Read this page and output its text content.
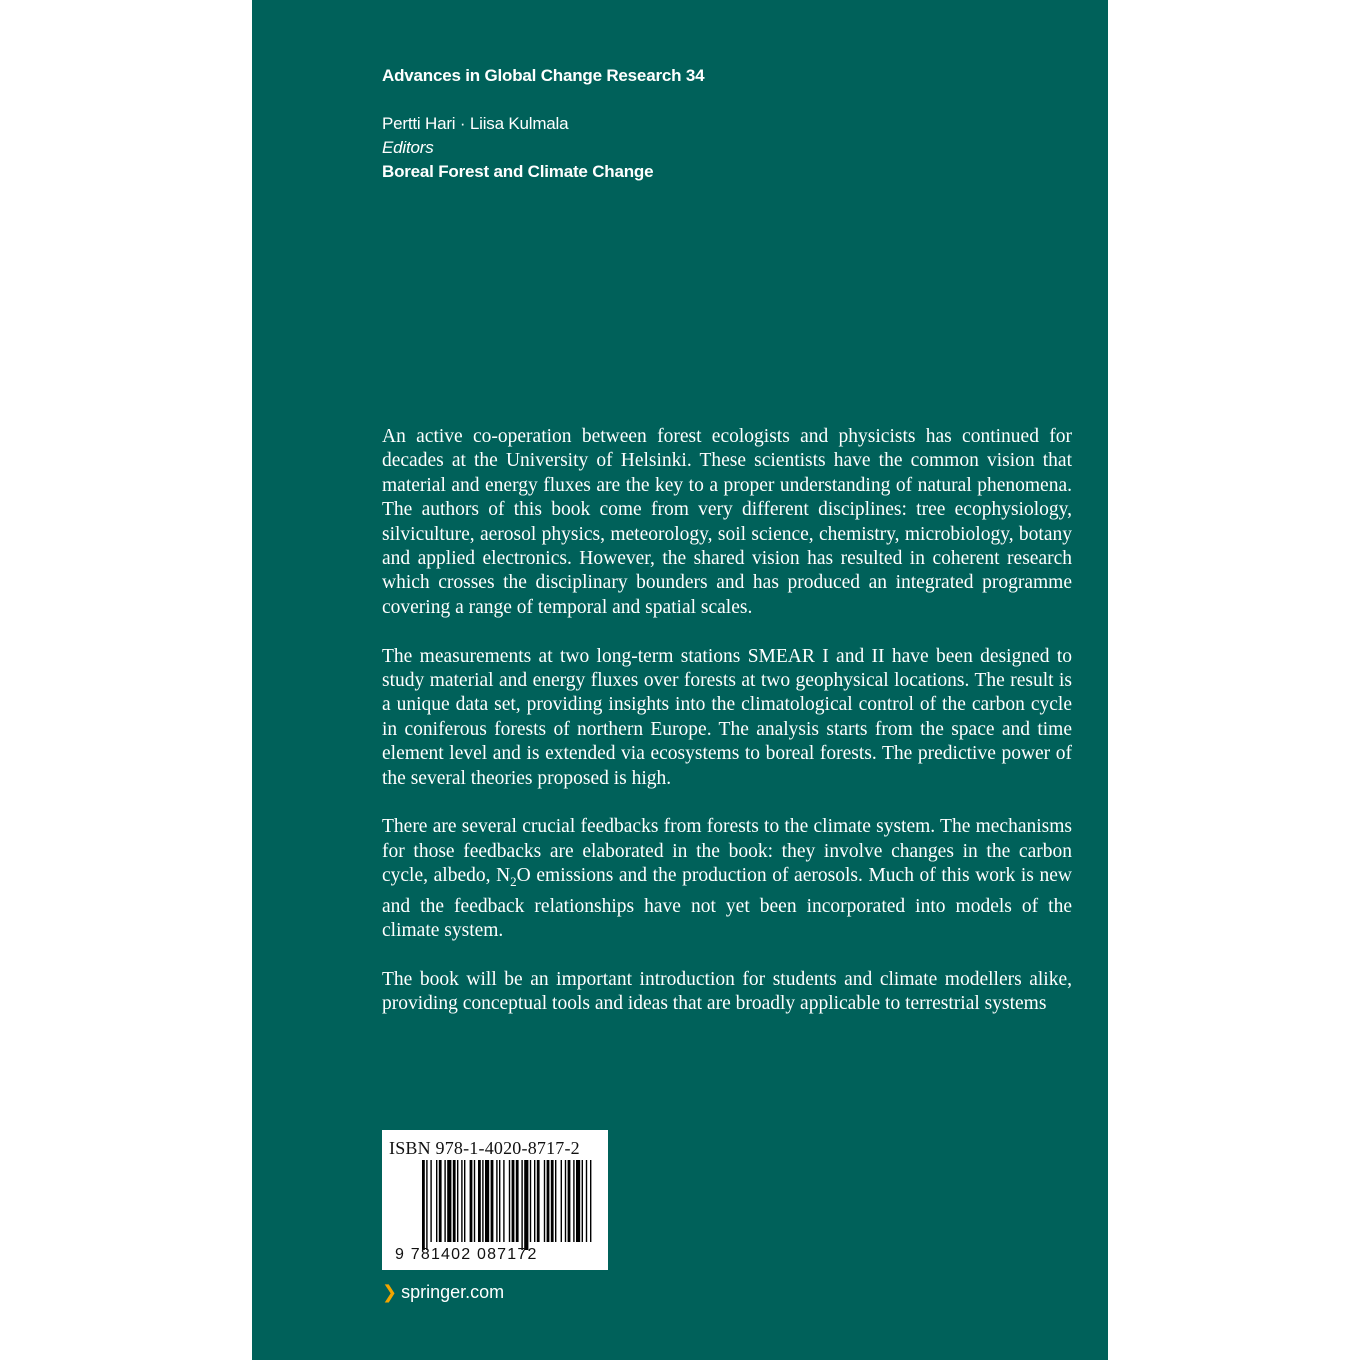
Advances in Global Change Research 34
Pertti Hari · Liisa Kulmala
Editors
Boreal Forest and Climate Change

An active co-operation between forest ecologists and physicists has continued for decades at the University of Helsinki. These scientists have the common vision that material and energy fluxes are the key to a proper understanding of natural phenomena. The authors of this book come from very different disciplines: tree ecophysiology, silviculture, aerosol physics, meteorology, soil science, chemistry, microbiology, botany and applied electronics. However, the shared vision has resulted in coherent research which crosses the disciplinary bounders and has produced an integrated programme covering a range of temporal and spatial scales.

The measurements at two long-term stations SMEAR I and II have been designed to study material and energy fluxes over forests at two geophysical locations. The result is a unique data set, providing insights into the climatological control of the carbon cycle in coniferous forests of northern Europe. The analysis starts from the space and time element level and is extended via ecosystems to boreal forests. The predictive power of the several theories proposed is high.

There are several crucial feedbacks from forests to the climate system. The mechanisms for those feedbacks are elaborated in the book: they involve changes in the carbon cycle, albedo, $N_2O$ emissions and the production of aerosols. Much of this work is new and the feedback relationships have not yet been incorporated into models of the climate system.

The book will be an important introduction for students and climate modellers alike, providing conceptual tools and ideas that are broadly applicable to terrestrial systems

ISBN 978-1-4020-8717-2
9 781402 087172
❯ springer.com
